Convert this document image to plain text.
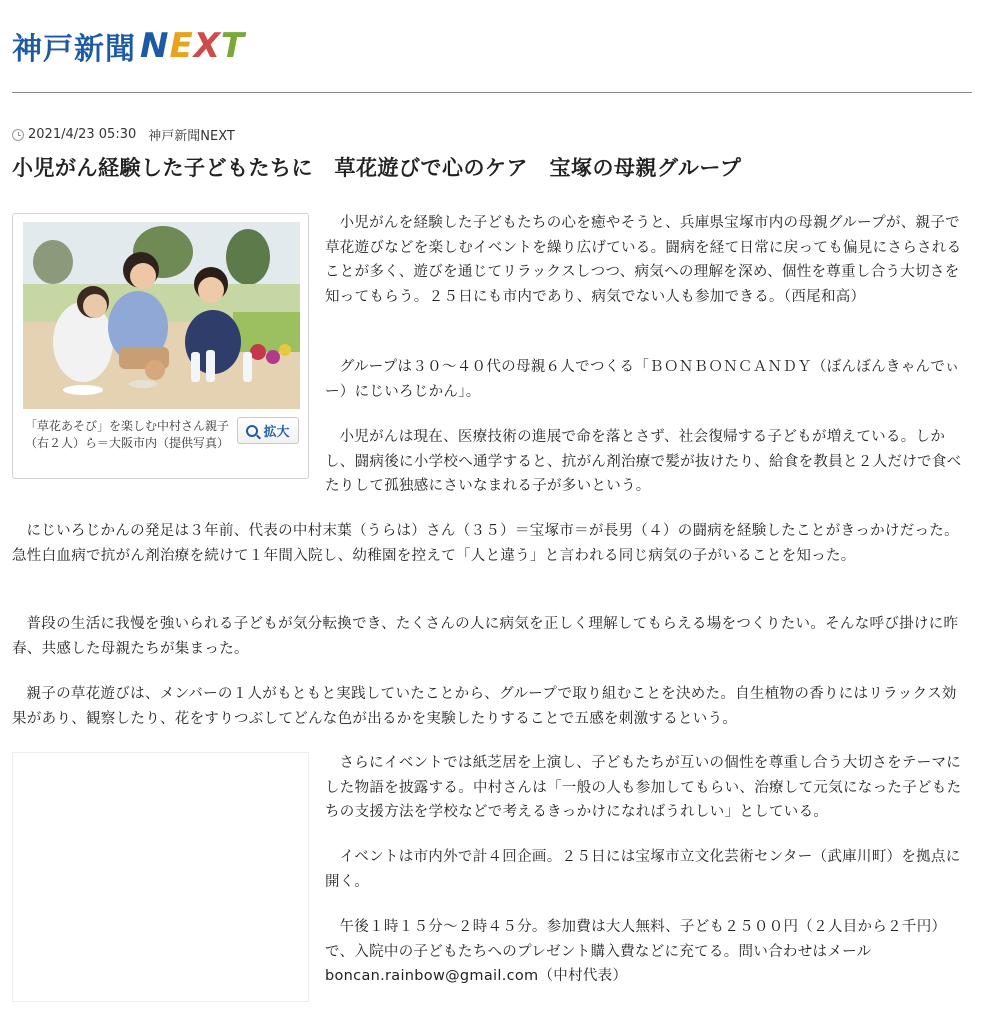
神戸新聞 NEXT
2021/4/23 05:30 神戸新聞NEXT
小児がん経験した子どもたちに　草花遊びで心のケア　宝塚の母親グループ
「草花あそび」を楽しむ中村さん親子（右２人）ら＝大阪市内（提供写真）
拡大

小児がんを経験した子どもたちの心を癒やそうと、兵庫県宝塚市内の母親グループが、親子で草花遊びなどを楽しむイベントを繰り広げている。闘病を経て日常に戻っても偏見にさらされることが多く、遊びを通じてリラックスしつつ、病気への理解を深め、個性を尊重し合う大切さを知ってもらう。２５日にも市内であり、病気でない人も参加できる。（西尾和高）

グループは３０～４０代の母親６人でつくる「ＢＯＮＢＯＮＣＡＮＤＹ（ぼんぼんきゃんでぃー）にじいろじかん」。

小児がんは現在、医療技術の進展で命を落とさず、社会復帰する子どもが増えている。しかし、闘病後に小学校へ通学すると、抗がん剤治療で髪が抜けたり、給食を教員と２人だけで食べたりして孤独感にさいなまれる子が多いという。

にじいろじかんの発足は３年前、代表の中村末葉（うらは）さん（３５）＝宝塚市＝が長男（４）の闘病を経験したことがきっかけだった。急性白血病で抗がん剤治療を続けて１年間入院し、幼稚園を控えて「人と違う」と言われる同じ病気の子がいることを知った。

普段の生活に我慢を強いられる子どもが気分転換でき、たくさんの人に病気を正しく理解してもらえる場をつくりたい。そんな呼び掛けに昨春、共感した母親たちが集まった。

親子の草花遊びは、メンバーの１人がもともと実践していたことから、グループで取り組むことを決めた。自生植物の香りにはリラックス効果があり、観察したり、花をすりつぶしてどんな色が出るかを実験したりすることで五感を刺激するという。

さらにイベントでは紙芝居を上演し、子どもたちが互いの個性を尊重し合う大切さをテーマにした物語を披露する。中村さんは「一般の人も参加してもらい、治療して元気になった子どもたちの支援方法を学校などで考えるきっかけになればうれしい」としている。

イベントは市内外で計４回企画。２５日には宝塚市立文化芸術センター（武庫川町）を拠点に開く。

午後１時１５分～２時４５分。参加費は大人無料、子ども２５００円（２人目から２千円）で、入院中の子どもたちへのプレゼント購入費などに充てる。問い合わせはメール boncan.rainbow@gmail.com（中村代表）
